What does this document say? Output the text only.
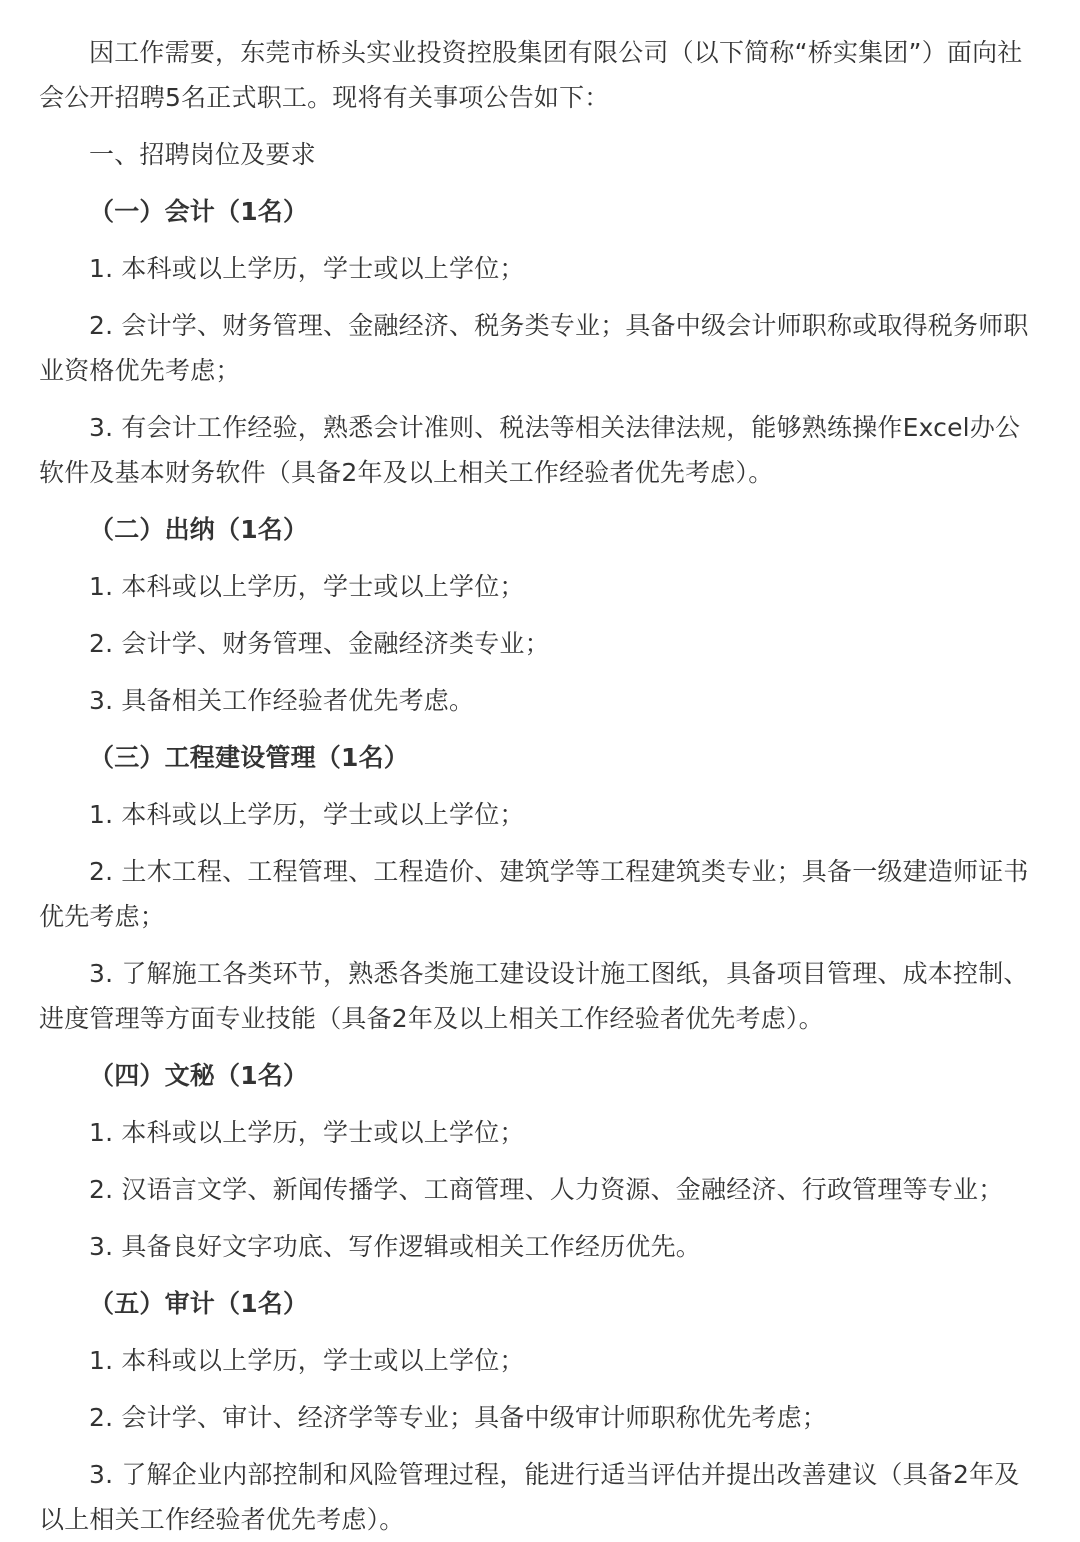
因工作需要，东莞市桥头实业投资控股集团有限公司（以下简称“桥实集团”）面向社会公开招聘5名正式职工。现将有关事项公告如下：

一、招聘岗位及要求

（一）会计（1名）

1. 本科或以上学历，学士或以上学位；

2. 会计学、财务管理、金融经济、税务类专业；具备中级会计师职称或取得税务师职业资格优先考虑；

3. 有会计工作经验，熟悉会计准则、税法等相关法律法规，能够熟练操作Excel办公软件及基本财务软件（具备2年及以上相关工作经验者优先考虑）。

（二）出纳（1名）

1. 本科或以上学历，学士或以上学位；

2. 会计学、财务管理、金融经济类专业；

3. 具备相关工作经验者优先考虑。

（三）工程建设管理（1名）

1. 本科或以上学历，学士或以上学位；

2. 土木工程、工程管理、工程造价、建筑学等工程建筑类专业；具备一级建造师证书优先考虑；

3. 了解施工各类环节，熟悉各类施工建设设计施工图纸，具备项目管理、成本控制、进度管理等方面专业技能（具备2年及以上相关工作经验者优先考虑）。

（四）文秘（1名）

1. 本科或以上学历，学士或以上学位；

2. 汉语言文学、新闻传播学、工商管理、人力资源、金融经济、行政管理等专业；

3. 具备良好文字功底、写作逻辑或相关工作经历优先。

（五）审计（1名）

1. 本科或以上学历，学士或以上学位；

2. 会计学、审计、经济学等专业；具备中级审计师职称优先考虑；

3. 了解企业内部控制和风险管理过程，能进行适当评估并提出改善建议（具备2年及以上相关工作经验者优先考虑）。
